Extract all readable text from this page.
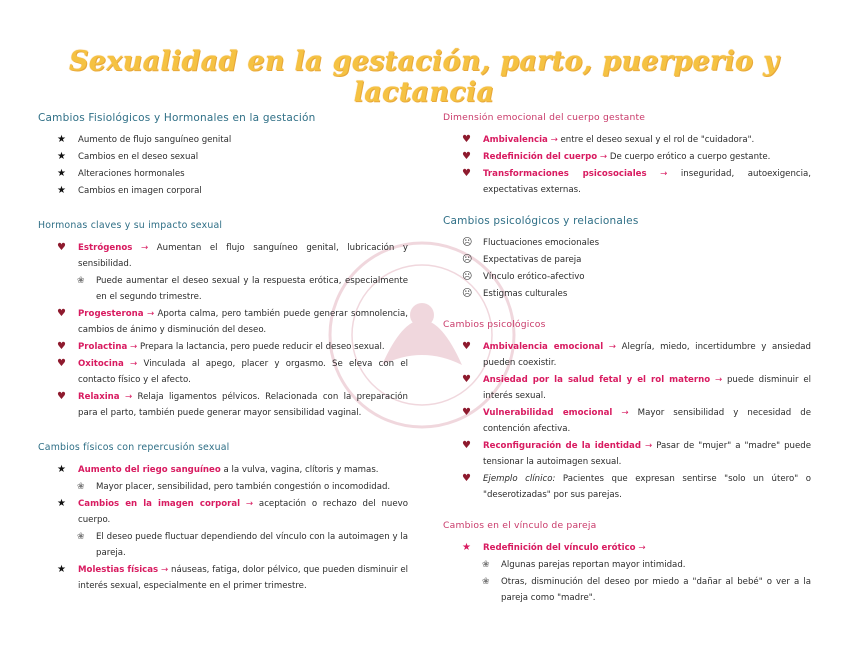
Sexualidad en la gestación, parto, puerperio y lactancia
Cambios Fisiológicos y Hormonales en la gestación
★ Aumento de flujo sanguíneo genital
★ Cambios en el deseo sexual
★ Alteraciones hormonales
★ Cambios en imagen corporal
Hormonas claves y su impacto sexual
♥ Estrógenos → Aumentan el flujo sanguíneo genital, lubricación y sensibilidad.
❀ Puede aumentar el deseo sexual y la respuesta erótica, especialmente en el segundo trimestre.
♥ Progesterona → Aporta calma, pero también puede generar somnolencia, cambios de ánimo y disminución del deseo.
♥ Prolactina → Prepara la lactancia, pero puede reducir el deseo sexual.
♥ Oxitocina → Vinculada al apego, placer y orgasmo. Se eleva con el contacto físico y el afecto.
♥ Relaxina → Relaja ligamentos pélvicos. Relacionada con la preparación para el parto, también puede generar mayor sensibilidad vaginal.
Cambios físicos con repercusión sexual
★ Aumento del riego sanguíneo a la vulva, vagina, clítoris y mamas.
❀ Mayor placer, sensibilidad, pero también congestión o incomodidad.
★ Cambios en la imagen corporal → aceptación o rechazo del nuevo cuerpo.
❀ El deseo puede fluctuar dependiendo del vínculo con la autoimagen y la pareja.
★ Molestias físicas → náuseas, fatiga, dolor pélvico, que pueden disminuir el interés sexual, especialmente en el primer trimestre.
Dimensión emocional del cuerpo gestante
♥ Ambivalencia → entre el deseo sexual y el rol de "cuidadora".
♥ Redefinición del cuerpo → De cuerpo erótico a cuerpo gestante.
♥ Transformaciones psicosociales → inseguridad, autoexigencia, expectativas externas.
Cambios psicológicos y relacionales
☹ Fluctuaciones emocionales
☹ Expectativas de pareja
☹ Vínculo erótico-afectivo
☹ Estigmas culturales
Cambios psicológicos
♥ Ambivalencia emocional → Alegría, miedo, incertidumbre y ansiedad pueden coexistir.
♥ Ansiedad por la salud fetal y el rol materno → puede disminuir el interés sexual.
♥ Vulnerabilidad emocional → Mayor sensibilidad y necesidad de contención afectiva.
♥ Reconfiguración de la identidad → Pasar de "mujer" a "madre" puede tensionar la autoimagen sexual.
♥ Ejemplo clínico: Pacientes que expresan sentirse "solo un útero" o "deserotizadas" por sus parejas.
Cambios en el vínculo de pareja
★ Redefinición del vínculo erótico →
❀ Algunas parejas reportan mayor intimidad.
❀ Otras, disminución del deseo por miedo a "dañar al bebé" o ver a la pareja como "madre".
